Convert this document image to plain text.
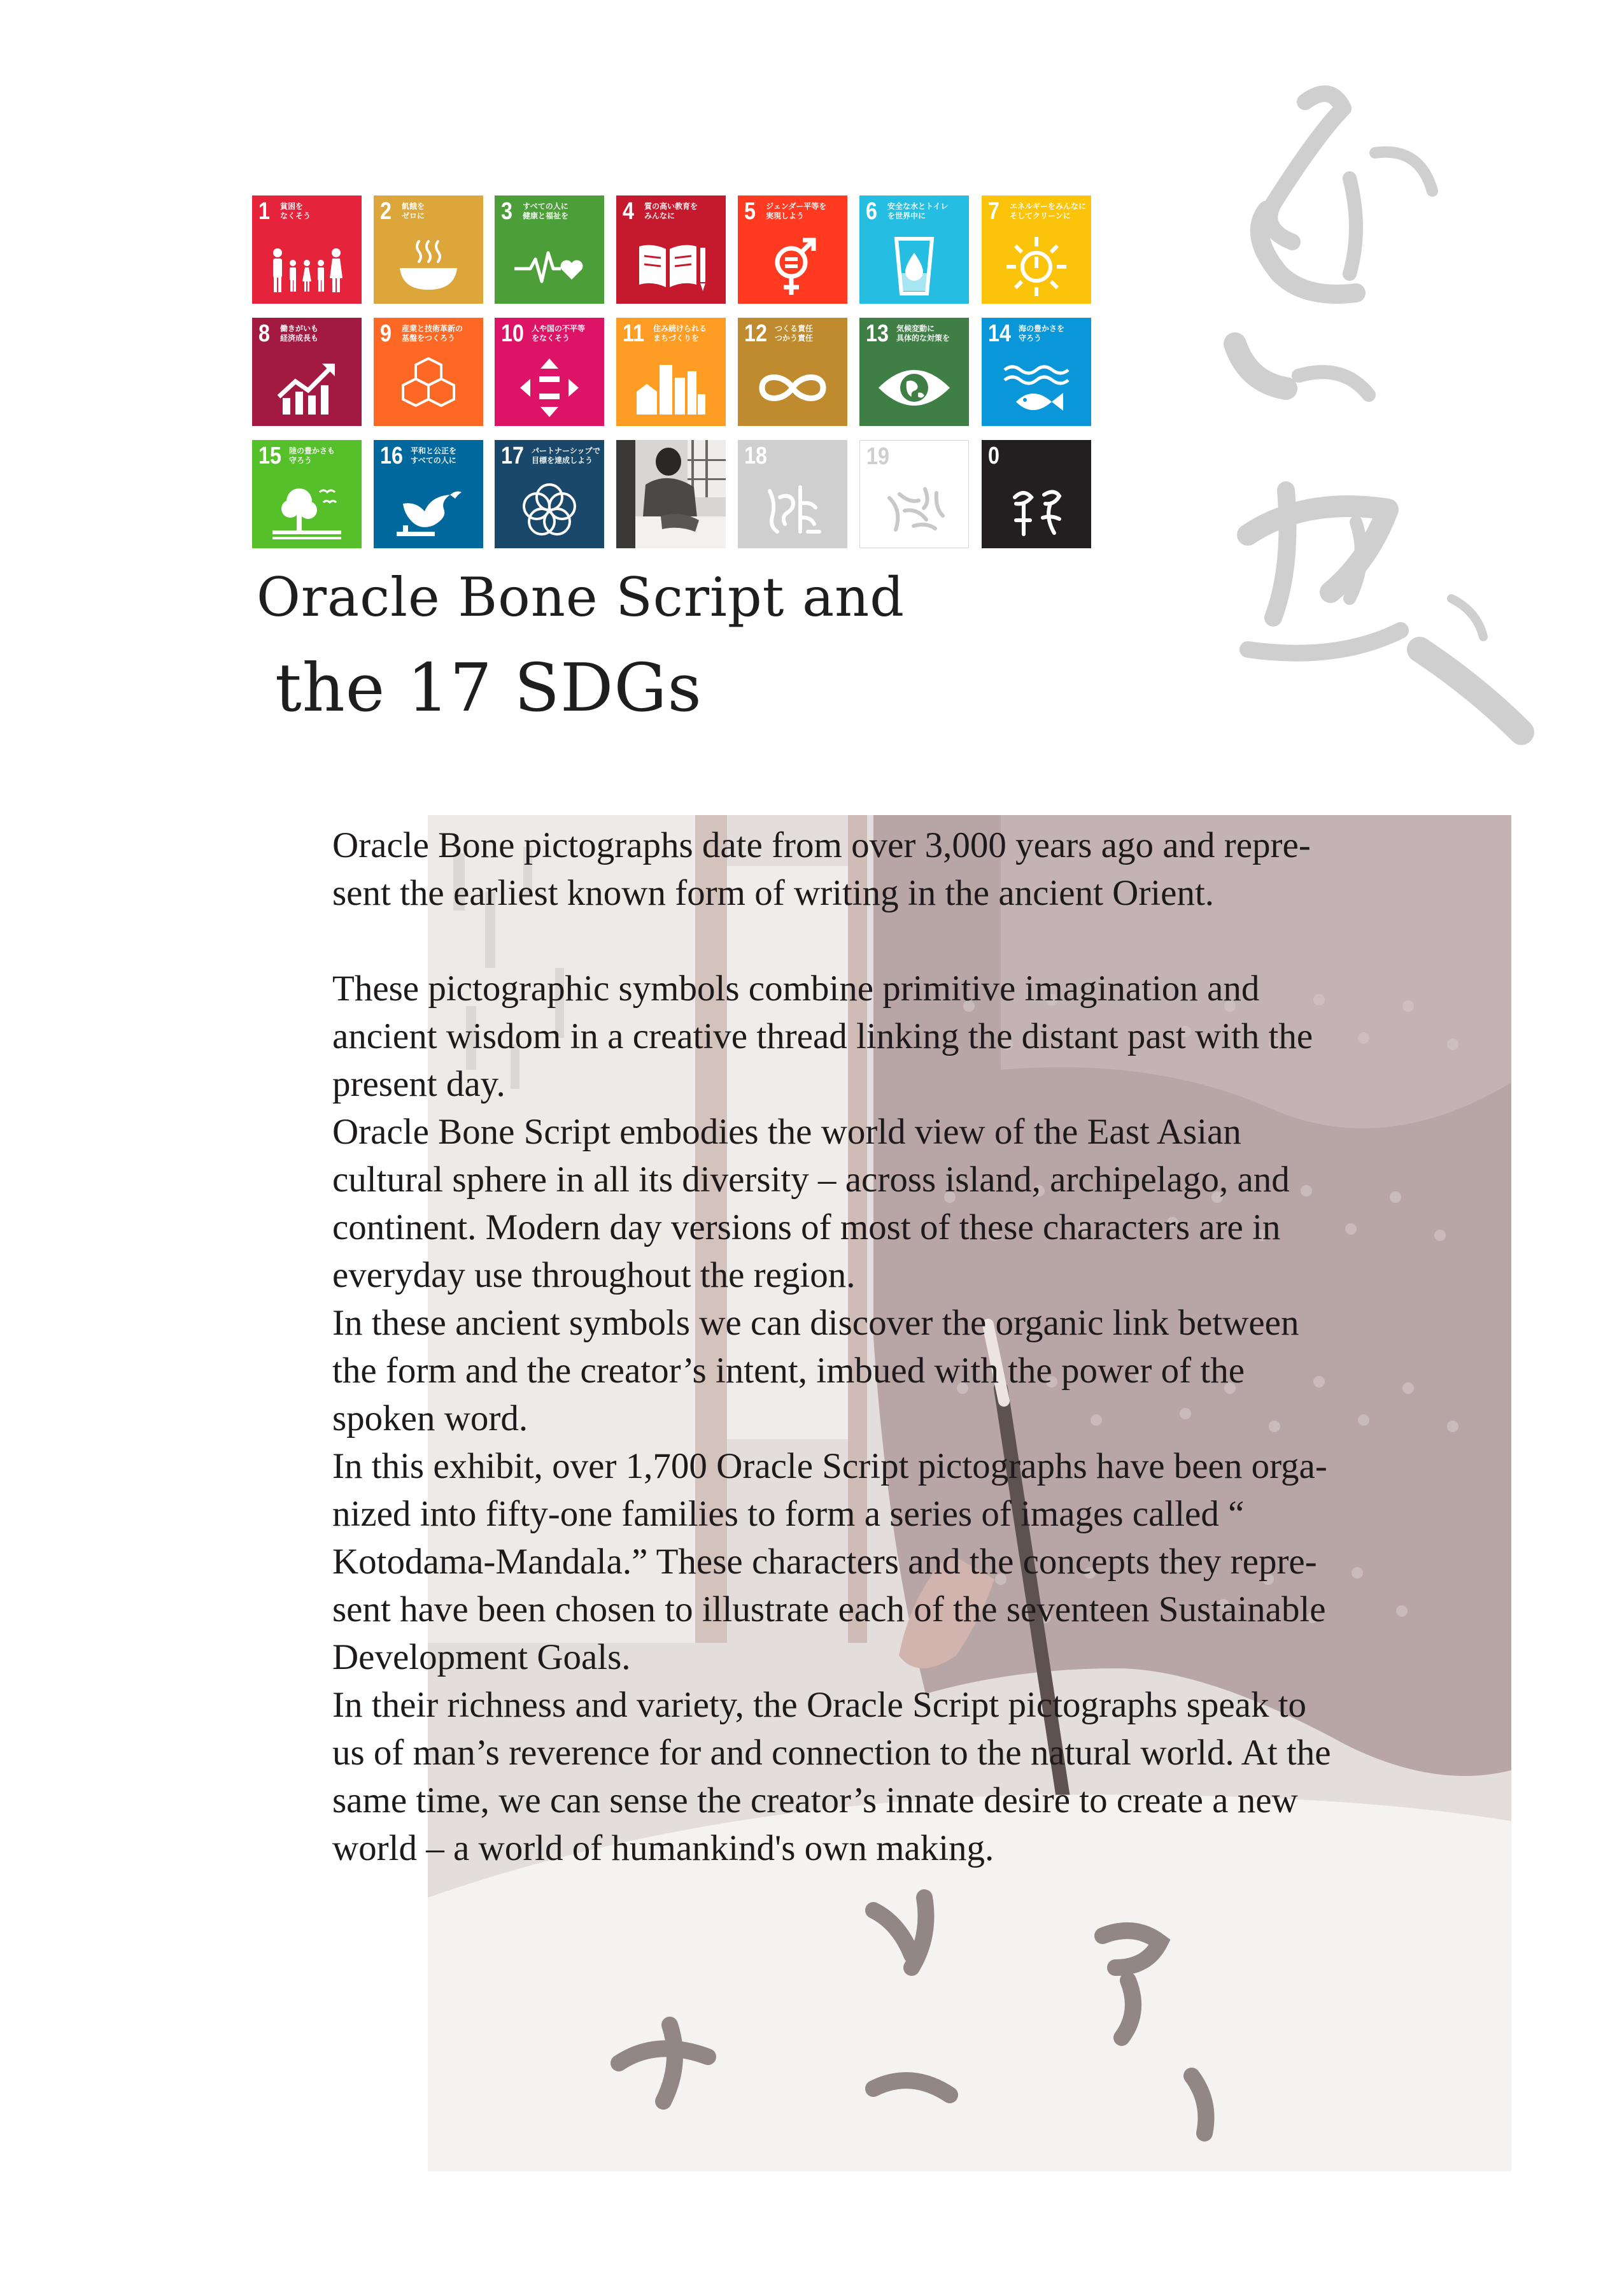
1 貧困を
なくそう	2 飢餓を
ゼロに	3 すべての人に
健康と福祉を	4 質の高い教育を
みんなに	5 ジェンダー平等を
実現しよう	6 安全な水とトイレ
を世界中に	7 エネルギーをみんなに
そしてクリーンに
8 働きがいも
経済成長も	9 産業と技術革新の
基盤をつくろう	10 人や国の不平等
をなくそう	11 住み続けられる
まちづくりを	12 つくる責任
つかう責任	13 気候変動に
具体的な対策を	14 海の豊かさを
守ろう
15 陸の豊かさも
守ろう	16 平和と公正を
すべての人に	17 パートナーシップで
目標を達成しよう	18	19	0
Oracle Bone Script and
the 17 SDGs

Oracle Bone pictographs date from over 3,000 years ago and repre-
sent the earliest known form of writing in the ancient Orient.

These pictographic symbols combine primitive imagination and
ancient wisdom in a creative thread linking the distant past with the
present day.

Oracle Bone Script embodies the world view of the East Asian
cultural sphere in all its diversity – across island, archipelago, and
continent. Modern day versions of most of these characters are in
everyday use throughout the region.

In these ancient symbols we can discover the organic link between
the form and the creator’s intent, imbued with the power of the
spoken word.

In this exhibit, over 1,700 Oracle Script pictographs have been orga-
nized into fifty-one families to form a series of images called “
Kotodama-Mandala.” These characters and the concepts they repre-
sent have been chosen to illustrate each of the seventeen Sustainable
Development Goals.

In their richness and variety, the Oracle Script pictographs speak to
us of man’s reverence for and connection to the natural world. At the
same time, we can sense the creator’s innate desire to create a new
world – a world of humankind's own making.
